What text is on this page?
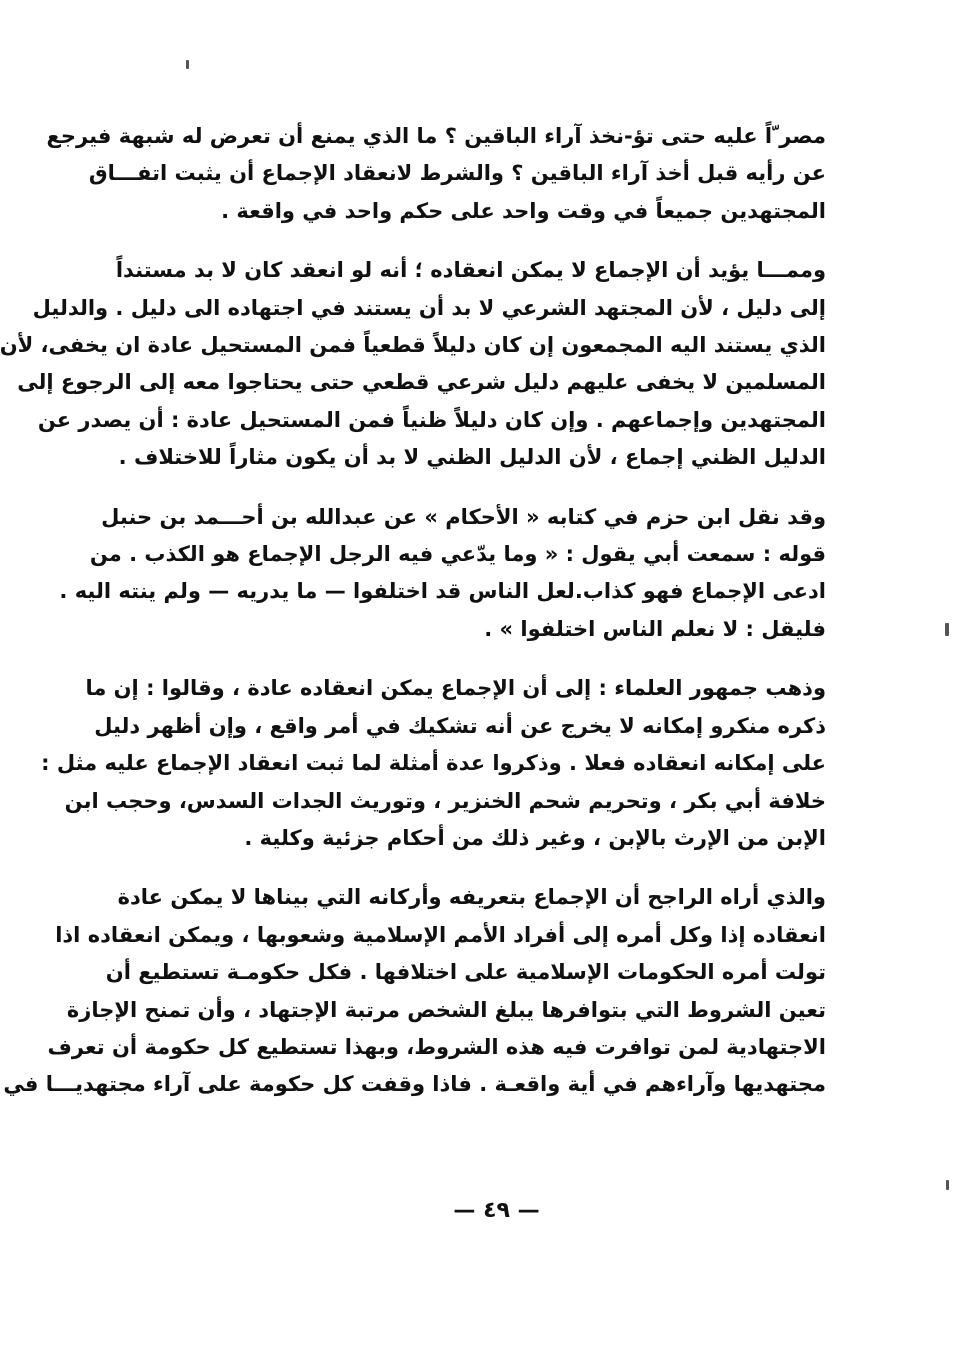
مصر ّاً عليه حتى تؤ-نخذ آراء الباقين ؟ ما الذي يمنع أن تعرض له شبهة فيرجع
عن رأيه قبل أخذ آراء الباقين ؟ والشرط لانعقاد الإجماع أن يثبت اتفـــاق
المجتهدين جميعاً في وقت واحد على حكم واحد في واقعة .

وممـــا يؤيد أن الإجماع لا يمكن انعقاده ؛ أنه لو انعقد كان لا بد مستنداً
إلى دليل ، لأن المجتهد الشرعي لا بد أن يستند في اجتهاده الى دليل . والدليل
الذي يستند اليه المجمعون إن كان دليلاً قطعياً فمن المستحيل عادة ان يخفى، لأن
المسلمين لا يخفى عليهم دليل شرعي قطعي حتى يحتاجوا معه إلى الرجوع إلى
المجتهدين وإجماعهم . وإن كان دليلاً ظنياً فمن المستحيل عادة : أن يصدر عن
الدليل الظني إجماع ، لأن الدليل الظني لا بد أن يكون مثاراً للاختلاف .

وقد نقل ابن حزم في كتابه « الأحكام » عن عبدالله بن أحـــمد بن حنبل
قوله : سمعت أبي يقول : « وما يدّعي فيه الرجل الإجماع هو الكذب . من
ادعى الإجماع فهو كذاب.لعل الناس قد اختلفوا — ما يدريه — ولم ينته اليه .
فليقل : لا نعلم الناس اختلفوا » .

وذهب جمهور العلماء : إلى أن الإجماع يمكن انعقاده عادة ، وقالوا : إن ما
ذكره منكرو إمكانه لا يخرج عن أنه تشكيك في أمر واقع ، وإن أظهر دليل
على إمكانه انعقاده فعلا . وذكروا عدة أمثلة لما ثبت انعقاد الإجماع عليه مثل :
خلافة أبي بكر ، وتحريم شحم الخنزير ، وتوريث الجدات السدس، وحجب ابن
الإبن من الإرث بالإبن ، وغير ذلك من أحكام جزئية وكلية .

والذي أراه الراجح أن الإجماع بتعريفه وأركانه التي بيناها لا يمكن عادة
انعقاده إذا وكل أمره إلى أفراد الأمم الإسلامية وشعوبها ، ويمكن انعقاده اذا
تولت أمره الحكومات الإسلامية على اختلافها . فكل حكومـة تستطيع أن
تعين الشروط التي بتوافرها يبلغ الشخص مرتبة الإجتهاد ، وأن تمنح الإجازة
الاجتهادية لمن توافرت فيه هذه الشروط، وبهذا تستطيع كل حكومة أن تعرف
مجتهديها وآراءهم في أية واقعـة . فاذا وقفت كل حكومة على آراء مجتهديـــا في

— ٤٩ —
